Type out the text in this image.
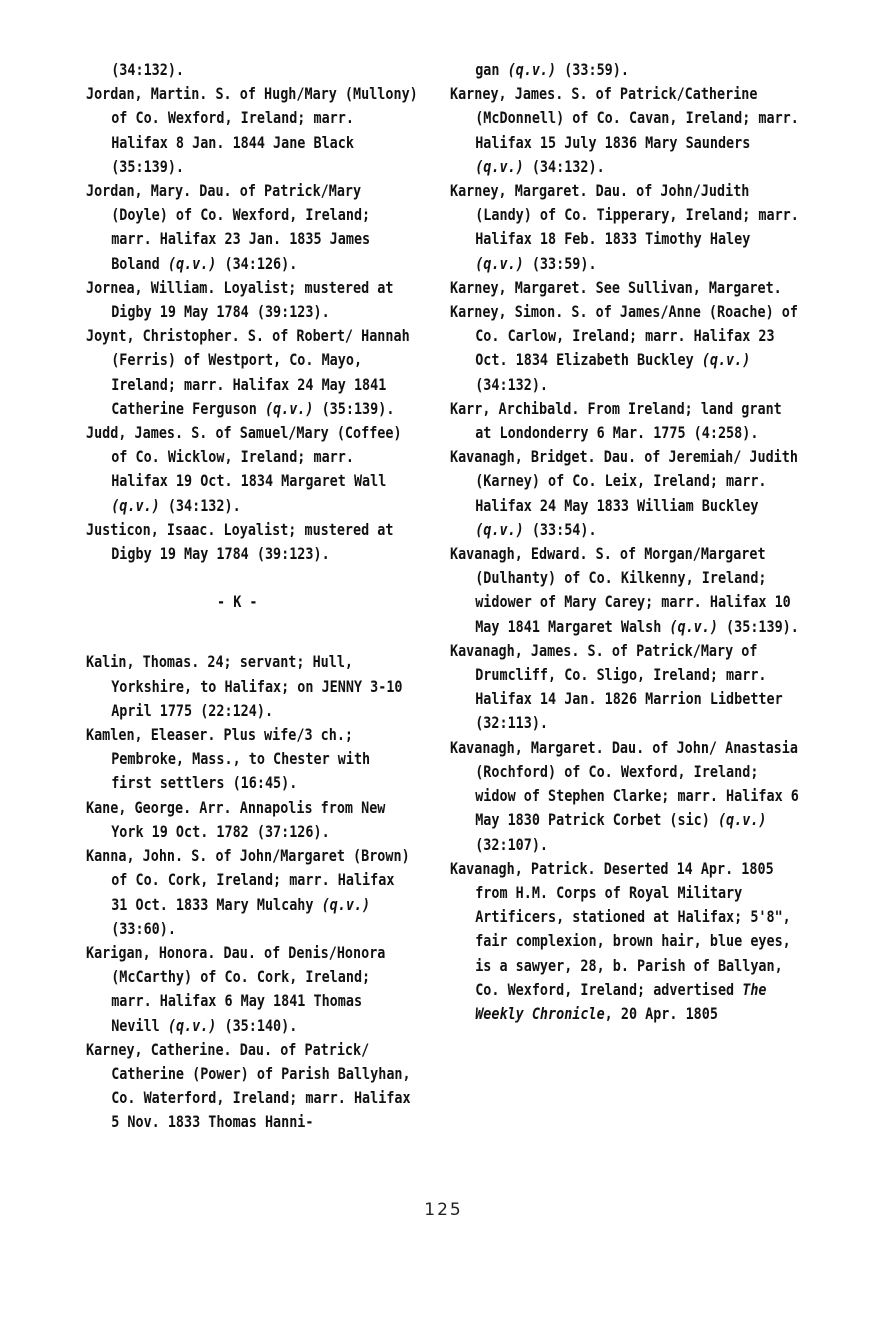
(34:132).

Jordan, Martin. S. of Hugh/Mary (Mullony) of Co. Wexford, Ireland; marr. Halifax 8 Jan. 1844 Jane Black (35:139).

Jordan, Mary. Dau. of Patrick/Mary (Doyle) of Co. Wexford, Ireland; marr. Halifax 23 Jan. 1835 James Boland (q.v.) (34:126).

Jornea, William. Loyalist; mustered at Digby 19 May 1784 (39:123).

Joynt, Christopher. S. of Robert/ Hannah (Ferris) of Westport, Co. Mayo, Ireland; marr. Halifax 24 May 1841 Catherine Ferguson (q.v.) (35:139).

Judd, James. S. of Samuel/Mary (Coffee) of Co. Wicklow, Ireland; marr. Halifax 19 Oct. 1834 Margaret Wall (q.v.) (34:132).

Justicon, Isaac. Loyalist; mustered at Digby 19 May 1784 (39:123).

- K -

Kalin, Thomas. 24; servant; Hull, Yorkshire, to Halifax; on JENNY 3-10 April 1775 (22:124).

Kamlen, Eleaser. Plus wife/3 ch.; Pembroke, Mass., to Chester with first settlers (16:45).

Kane, George. Arr. Annapolis from New York 19 Oct. 1782 (37:126).

Kanna, John. S. of John/Margaret (Brown) of Co. Cork, Ireland; marr. Halifax 31 Oct. 1833 Mary Mulcahy (q.v.) (33:60).

Karigan, Honora. Dau. of Denis/Honora (McCarthy) of Co. Cork, Ireland; marr. Halifax 6 May 1841 Thomas Nevill (q.v.) (35:140).

Karney, Catherine. Dau. of Patrick/ Catherine (Power) of Parish Ballyhan, Co. Waterford, Ireland; marr. Halifax 5 Nov. 1833 Thomas Hanni-

gan (q.v.) (33:59).

Karney, James. S. of Patrick/Catherine (McDonnell) of Co. Cavan, Ireland; marr. Halifax 15 July 1836 Mary Saunders (q.v.) (34:132).

Karney, Margaret. Dau. of John/Judith (Landy) of Co. Tipperary, Ireland; marr. Halifax 18 Feb. 1833 Timothy Haley (q.v.) (33:59).

Karney, Margaret. See Sullivan, Margaret.

Karney, Simon. S. of James/Anne (Roache) of Co. Carlow, Ireland; marr. Halifax 23 Oct. 1834 Elizabeth Buckley (q.v.) (34:132).

Karr, Archibald. From Ireland; land grant at Londonderry 6 Mar. 1775 (4:258).

Kavanagh, Bridget. Dau. of Jeremiah/ Judith (Karney) of Co. Leix, Ireland; marr. Halifax 24 May 1833 William Buckley (q.v.) (33:54).

Kavanagh, Edward. S. of Morgan/Margaret (Dulhanty) of Co. Kilkenny, Ireland; widower of Mary Carey; marr. Halifax 10 May 1841 Margaret Walsh (q.v.) (35:139).

Kavanagh, James. S. of Patrick/Mary of Drumcliff, Co. Sligo, Ireland; marr. Halifax 14 Jan. 1826 Marrion Lidbetter (32:113).

Kavanagh, Margaret. Dau. of John/ Anastasia (Rochford) of Co. Wexford, Ireland; widow of Stephen Clarke; marr. Halifax 6 May 1830 Patrick Corbet (sic) (q.v.) (32:107).

Kavanagh, Patrick. Deserted 14 Apr. 1805 from H.M. Corps of Royal Military Artificers, stationed at Halifax; 5'8", fair complexion, brown hair, blue eyes, is a sawyer, 28, b. Parish of Ballyan, Co. Wexford, Ireland; advertised The Weekly Chronicle, 20 Apr. 1805

125
